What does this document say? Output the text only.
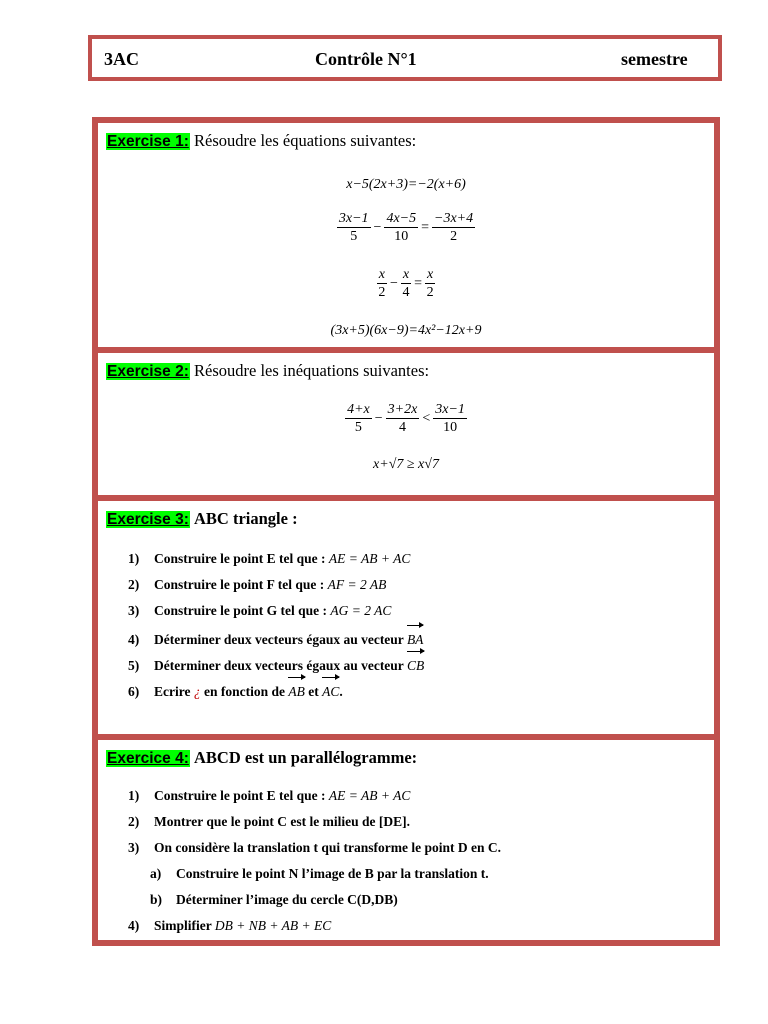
3AC	Contrôle N°1	semestre
Exercise 1: Résoudre les équations suivantes:
x−5(2x+3)=−2(x+6)
$\frac{3x-1}{5} - \frac{4x-5}{10} = \frac{-3x+4}{2}$
$\frac{x}{2} - \frac{x}{4} = \frac{x}{2}$
(3x+5)(6x−9)=4x²−12x+9
Exercise 2: Résoudre les inéquations suivantes:
$\frac{4+x}{5} - \frac{3+2x}{4} < \frac{3x-1}{10}$
x+√7 ≥ x√7
Exercise 3: ABC triangle :
1) Construire le point E tel que : AE = AB + AC
2) Construire le point F tel que : AF = 2 AB
3) Construire le point G tel que : AG = 2 AC
4) Déterminer deux vecteurs égaux au vecteur BA
5) Déterminer deux vecteurs égaux au vecteur CB
6) Ecrire ¿ en fonction de AB et AC.
Exercice 4: ABCD est un parallélogramme:
1) Construire le point E tel que : AE = AB + AC
2) Montrer que le point C est le milieu de [DE].
3) On considère la translation t qui transforme le point D en C.
a) Construire le point N l’image de B par la translation t.
b) Déterminer l’image du cercle C(D,DB)
4) Simplifier DB + NB + AB + EC
